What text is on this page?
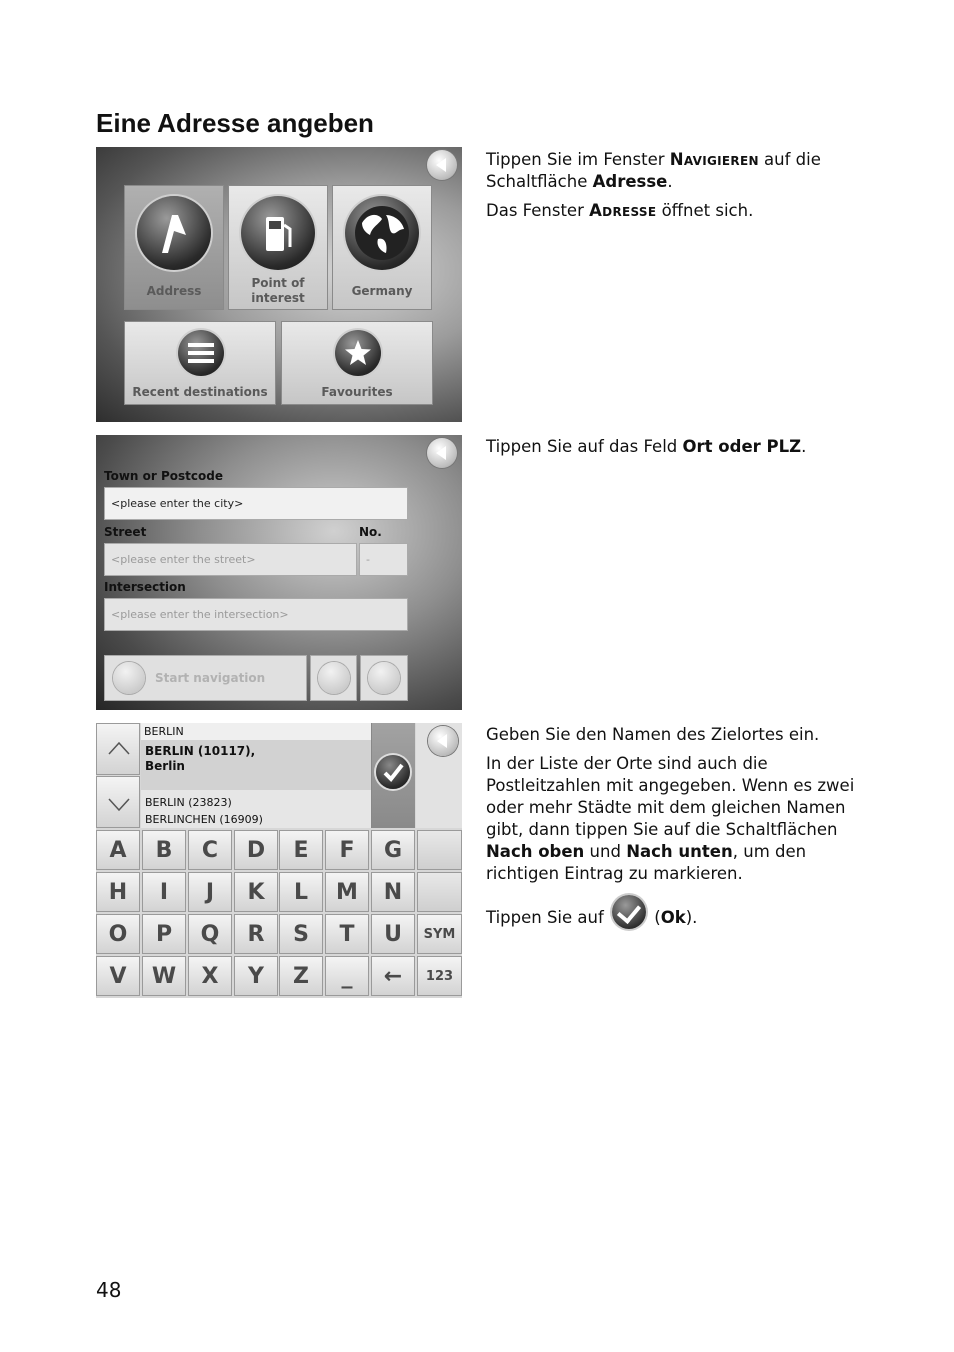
Eine Adresse angeben
Address
Point of interest	Germany
Recent destinations	Favourites
Town or Postcode
<please enter the city>
Street	No.
<please enter the street>	-
Intersection
<please enter the intersection>
Start navigation
BERLIN
BERLIN (10117),
Berlin
BERLIN (23823)
BERLINCHEN (16909)
A	B	C	D	E	F	G
H	I	J	K	L	M	N
O	P	Q	R	S	T	U	SYM
V	W	X	Y	Z	_	←	123

Tippen Sie im Fenster Navigieren auf die Schaltfläche Adresse.

Das Fenster Adresse öffnet sich.

Tippen Sie auf das Feld Ort oder PLZ.

Geben Sie den Namen des Zielortes ein.

In der Liste der Orte sind auch die Postleitzahlen mit angegeben. Wenn es zwei oder mehr Städte mit dem gleichen Namen gibt, dann tippen Sie auf die Schaltflächen Nach oben und Nach unten, um den richtigen Eintrag zu markieren.

Tippen Sie auf  (Ok).

48
